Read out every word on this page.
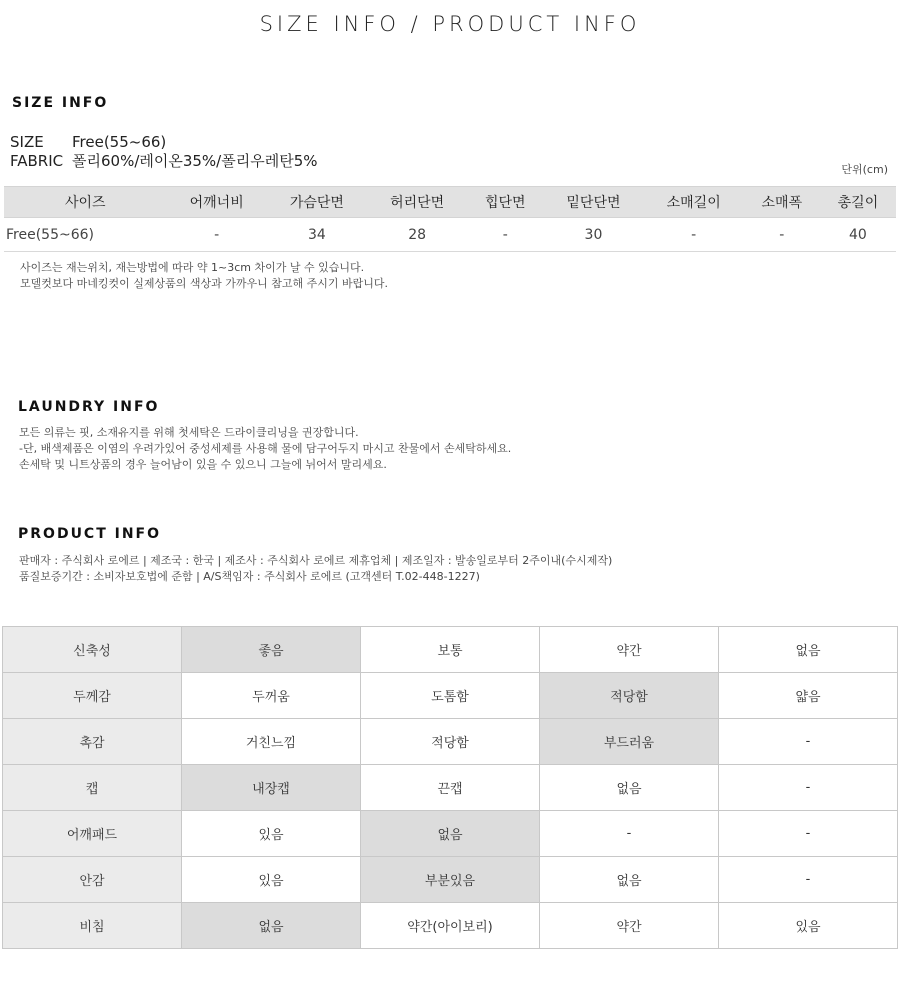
SIZE INFO / PRODUCT INFO
SIZE INFO
SIZE Free(55~66)
FABRIC 폴리60%/레이온35%/폴리우레탄5%	단위(cm)
사이즈	어깨너비	가슴단면	허리단면	힙단면	밑단단면	소매길이	소매폭	총길이
Free(55~66)	-	34	28	-	30	-	-	40
사이즈는 재는위치, 재는방법에 따라 약 1~3cm 차이가 날 수 있습니다.
모델컷보다 마네킹컷이 실제상품의 색상과 가까우니 참고해 주시기 바랍니다.
LAUNDRY INFO
모든 의류는 핏, 소재유지를 위해 첫세탁은 드라이클리닝을 권장합니다.
-단, 배색제품은 이염의 우려가있어 중성세제를 사용해 물에 담구어두지 마시고 찬물에서 손세탁하세요.
손세탁 및 니트상품의 경우 늘어남이 있을 수 있으니 그늘에 뉘어서 말리세요.
PRODUCT INFO
판매자 : 주식회사 로에르 | 제조국 : 한국 | 제조사 : 주식회사 로에르 제휴업체 | 제조일자 : 발송일로부터 2주이내(수시제작)
품질보증기간 : 소비자보호법에 준함 | A/S책임자 : 주식회사 로에르 (고객센터 T.02-448-1227)
신축성	좋음	보통	약간	없음
두께감	두꺼움	도톰함	적당함	얇음
촉감	거친느낌	적당함	부드러움	-
캡	내장캡	끈캡	없음	-
어깨패드	있음	없음	-	-
안감	있음	부분있음	없음	-
비침	없음	약간(아이보리)	약간	있음
